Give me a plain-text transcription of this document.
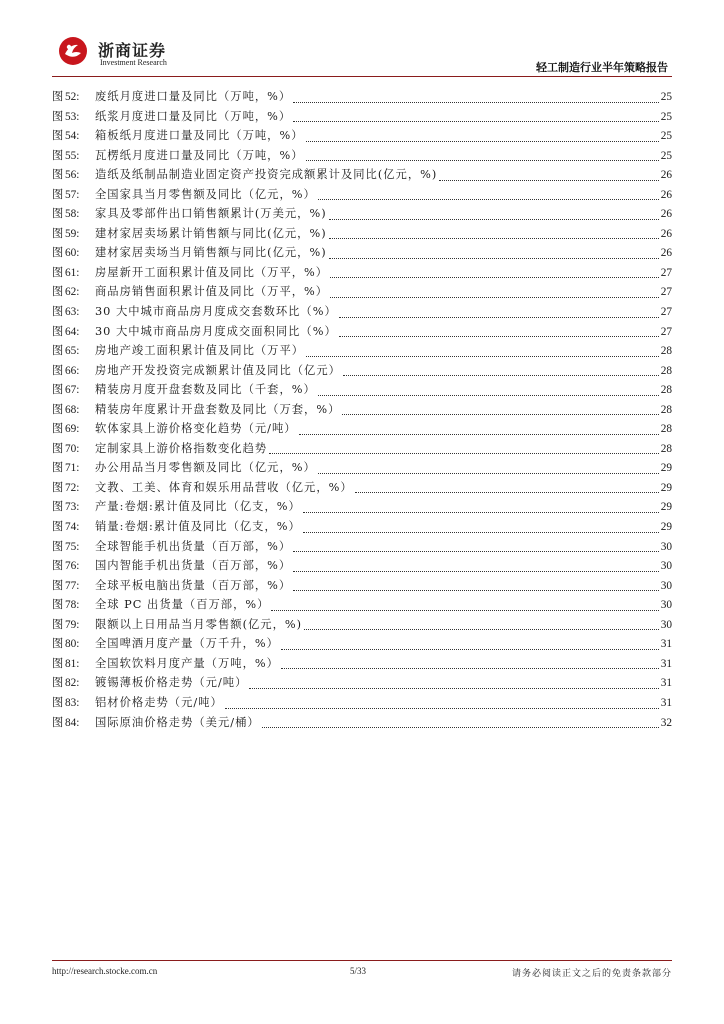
浙商证券
Investment Research	轻工制造行业半年策略报告
图 52:	废纸月度进口量及同比（万吨，%）	25
图 53:	纸浆月度进口量及同比（万吨，%）	25
图 54:	箱板纸月度进口量及同比（万吨，%）	25
图 55:	瓦楞纸月度进口量及同比（万吨，%）	25
图 56:	造纸及纸制品制造业固定资产投资完成额累计及同比(亿元，%)	26
图 57:	全国家具当月零售额及同比（亿元，%）	26
图 58:	家具及零部件出口销售额累计(万美元，%)	26
图 59:	建材家居卖场累计销售额与同比(亿元，%)	26
图 60:	建材家居卖场当月销售额与同比(亿元，%)	26
图 61:	房屋新开工面积累计值及同比（万平，%）	27
图 62:	商品房销售面积累计值及同比（万平，%）	27
图 63:	30 大中城市商品房月度成交套数环比（%）	27
图 64:	30 大中城市商品房月度成交面积同比（%）	27
图 65:	房地产竣工面积累计值及同比（万平）	28
图 66:	房地产开发投资完成额累计值及同比（亿元）	28
图 67:	精装房月度开盘套数及同比（千套，%）	28
图 68:	精装房年度累计开盘套数及同比（万套，%）	28
图 69:	软体家具上游价格变化趋势（元/吨）	28
图 70:	定制家具上游价格指数变化趋势	28
图 71:	办公用品当月零售额及同比（亿元，%）	29
图 72:	文教、工美、体育和娱乐用品营收（亿元，%）	29
图 73:	产量:卷烟:累计值及同比（亿支，%）	29
图 74:	销量:卷烟:累计值及同比（亿支，%）	29
图 75:	全球智能手机出货量（百万部，%）	30
图 76:	国内智能手机出货量（百万部，%）	30
图 77:	全球平板电脑出货量（百万部，%）	30
图 78:	全球 PC 出货量（百万部，%）	30
图 79:	限额以上日用品当月零售额(亿元，%)	30
图 80:	全国啤酒月度产量（万千升，%）	31
图 81:	全国软饮料月度产量（万吨，%）	31
图 82:	镀锡薄板价格走势（元/吨）	31
图 83:	铝材价格走势（元/吨）	31
图 84:	国际原油价格走势（美元/桶）	32
http://research.stocke.com.cn	5/33	请务必阅读正文之后的免责条款部分
